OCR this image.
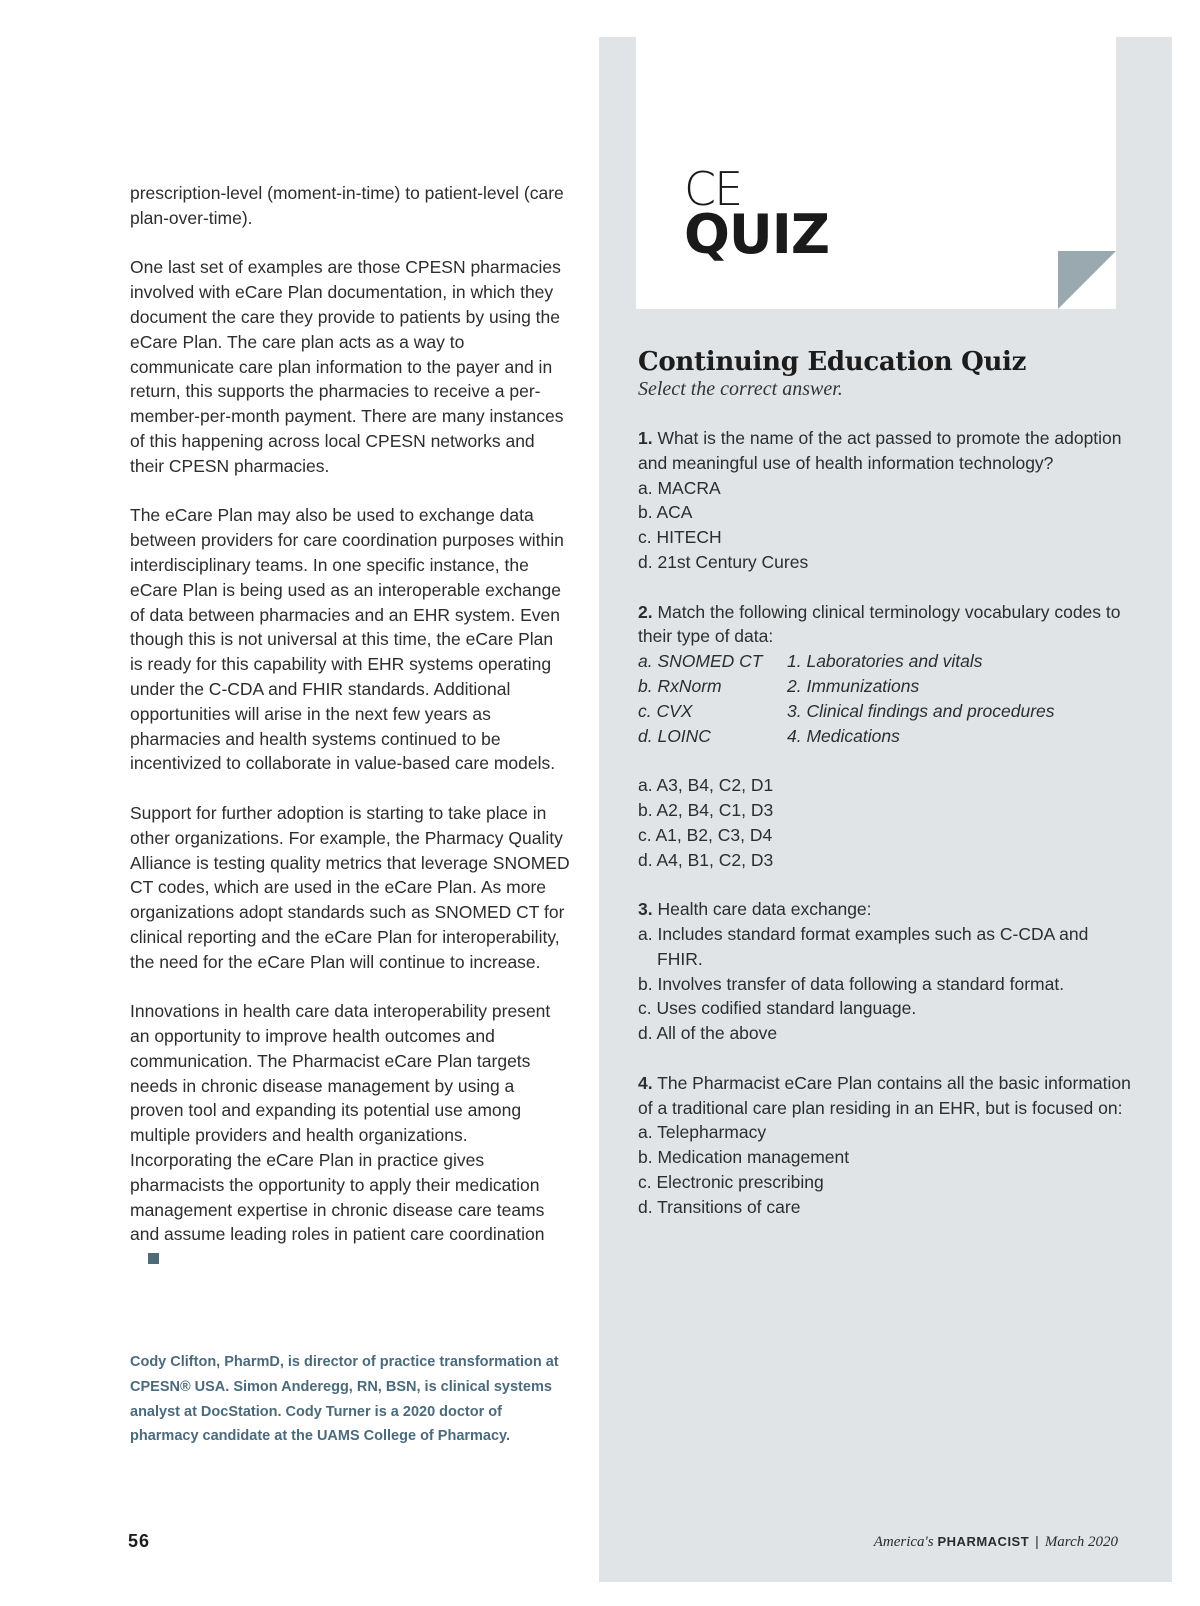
CE
QUIZ

prescription-level (moment-in-time) to patient-level (care plan-over-time).

One last set of examples are those CPESN pharmacies involved with eCare Plan documentation, in which they document the care they provide to patients by using the eCare Plan. The care plan acts as a way to communicate care plan information to the payer and in return, this supports the pharmacies to receive a per-member-per-month payment. There are many instances of this happening across local CPESN networks and their CPESN pharmacies.

The eCare Plan may also be used to exchange data between providers for care coordination purposes within interdisciplinary teams. In one specific instance, the eCare Plan is being used as an interoperable exchange of data between pharmacies and an EHR system. Even though this is not universal at this time, the eCare Plan is ready for this capability with EHR systems operating under the C-CDA and FHIR standards. Additional opportunities will arise in the next few years as pharmacies and health systems continued to be incentivized to collaborate in value-based care models.

Support for further adoption is starting to take place in other organizations. For example, the Pharmacy Quality Alliance is testing quality metrics that leverage SNOMED CT codes, which are used in the eCare Plan. As more organizations adopt standards such as SNOMED CT for clinical reporting and the eCare Plan for interoperability, the need for the eCare Plan will continue to increase.

Innovations in health care data interoperability present an opportunity to improve health outcomes and communication. The Pharmacist eCare Plan targets needs in chronic disease management by using a proven tool and expanding its potential use among multiple providers and health organizations. Incorporating the eCare Plan in practice gives pharmacists the opportunity to apply their medication management expertise in chronic disease care teams and assume leading roles in patient care coordination

Cody Clifton, PharmD, is director of practice transformation at CPESN® USA. Simon Anderegg, RN, BSN, is clinical systems analyst at DocStation. Cody Turner is a 2020 doctor of pharmacy candidate at the UAMS College of Pharmacy.
Continuing Education Quiz

Select the correct answer.

1. What is the name of the act passed to promote the adoption and meaningful use of health information technology?
a. MACRA
b. ACA
c. HITECH
d. 21st Century Cures
2. Match the following clinical terminology vocabulary codes to their type of data:
a. SNOMED CT	1. Laboratories and vitals
b. RxNorm	2. Immunizations
c. CVX	3. Clinical findings and procedures
d. LOINC	4. Medications
a. A3, B4, C2, D1
b. A2, B4, C1, D3
c. A1, B2, C3, D4
d. A4, B1, C2, D3
3. Health care data exchange:
a. Includes standard format examples such as C-CDA and FHIR.
b. Involves transfer of data following a standard format.
c. Uses codified standard language.
d. All of the above
4. The Pharmacist eCare Plan contains all the basic information of a traditional care plan residing in an EHR, but is focused on:
a. Telepharmacy
b. Medication management
c. Electronic prescribing
d. Transitions of care
56	America's PHARMACIST | March 2020
